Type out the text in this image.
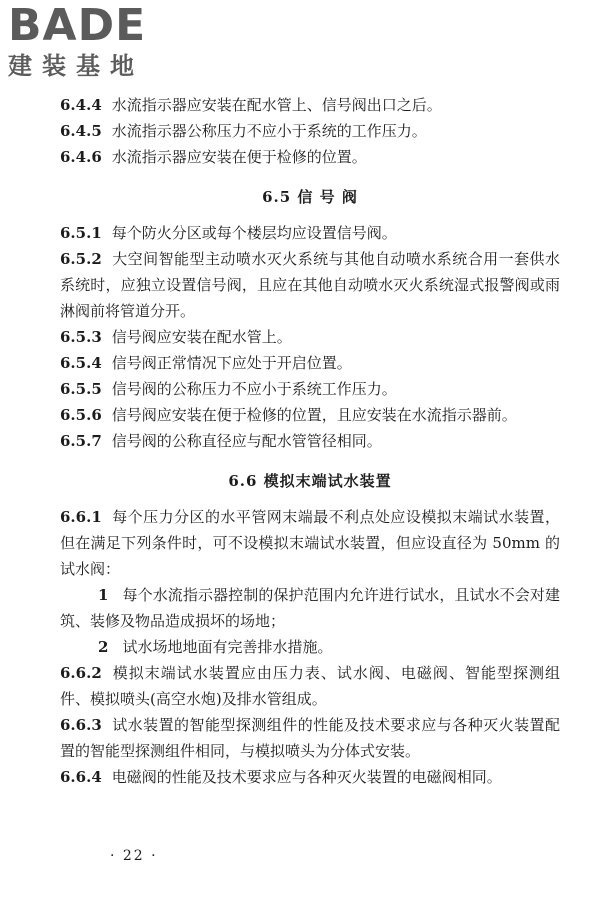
BADE
建装基地

6.4.4 水流指示器应安装在配水管上、信号阀出口之后。

6.4.5 水流指示器公称压力不应小于系统的工作压力。

6.4.6 水流指示器应安装在便于检修的位置。

6.5 信 号 阀

6.5.1 每个防火分区或每个楼层均应设置信号阀。

6.5.2 大空间智能型主动喷水灭火系统与其他自动喷水系统合用一套供水系统时，应独立设置信号阀，且应在其他自动喷水灭火系统湿式报警阀或雨淋阀前将管道分开。

6.5.3 信号阀应安装在配水管上。

6.5.4 信号阀正常情况下应处于开启位置。

6.5.5 信号阀的公称压力不应小于系统工作压力。

6.5.6 信号阀应安装在便于检修的位置，且应安装在水流指示器前。

6.5.7 信号阀的公称直径应与配水管管径相同。

6.6 模拟末端试水装置

6.6.1 每个压力分区的水平管网末端最不利点处应设模拟末端试水装置，但在满足下列条件时，可不设模拟末端试水装置，但应设直径为 50mm 的试水阀：

1 每个水流指示器控制的保护范围内允许进行试水，且试水不会对建筑、装修及物品造成损坏的场地；

2 试水场地地面有完善排水措施。

6.6.2 模拟末端试水装置应由压力表、试水阀、电磁阀、智能型探测组件、模拟喷头(高空水炮)及排水管组成。

6.6.3 试水装置的智能型探测组件的性能及技术要求应与各种灭火装置配置的智能型探测组件相同，与模拟喷头为分体式安装。

6.6.4 电磁阀的性能及技术要求应与各种灭火装置的电磁阀相同。

· 22 ·
